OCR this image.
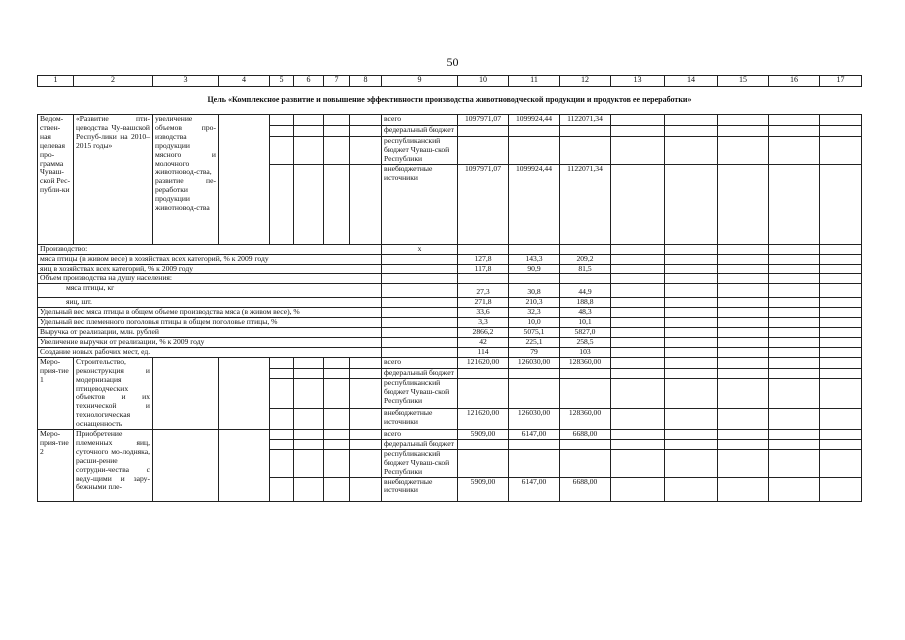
50
1	2	3	4	5	6	7	8	9	10	11	12	13	14	15	16	17
Цель «Комплексное развитие и повышение эффективности производства животноводческой продукции и продуктов ее переработки»																
Ведом-ствен-ная целевая про-грамма Чуваш-ской Рес-публи-ки	«Развитие пти-цеводства Чу-вашской Респуб-лики на 2010–2015 годы»	увеличение объемов про-изводства продукции мясного и молочного животновод-ства, развитие пе-реработки продукции животновод-ства						всего	1097971,07	1099924,44	1122071,34					
								федеральный бюджет								
								республиканский бюджет Чуваш-ской Республики								
								внебюджетные источники	1097971,07	1099924,44	1122071,34					
Производство:								x								
мяса птицы (в живом весе) в хозяйствах всех категорий, % к 2009 году									127,8	143,3	209,2					
яиц в хозяйствах всех категорий, % к 2009 году									117,8	90,9	81,5					
Объем производства на душу населения:																
мяса птицы, кг									27,3	30,8	44,9					
яиц, шт.									271,8	210,3	188,8					
Удельный вес мяса птицы в общем объеме производства мяса (в живом весе), %									33,6	32,3	48,3					
Удельный вес племенного поголовья птицы в общем поголовье птицы, %									3,3	10,0	10,1					
Выручка от реализации, млн. рублей									2866,2	5075,1	5827,0					
Увеличение выручки от реализации, % к 2009 году									42	225,1	258,5					
Создание новых рабочих мест, ед.									114	79	103					
Меро-прия-тие 1	Строительство, реконструкция и модернизация птицеводческих объектов и их технической и технологическая оснащенность							всего	121620,00	126030,00	128360,00					
								федеральный бюджет								
								республиканский бюджет Чуваш-ской Республики								
								внебюджетные источники	121620,00	126030,00	128360,00					
Меро-прия-тие 2	Приобретение племенных яиц, суточного мо-лодняка, расши-рение сотрудни-чества с веду-щими и зару-бежными пле-							всего	5909,00	6147,00	6688,00					
								федеральный бюджет								
								республиканский бюджет Чуваш-ской Республики								
								внебюджетные источники	5909,00	6147,00	6688,00					
